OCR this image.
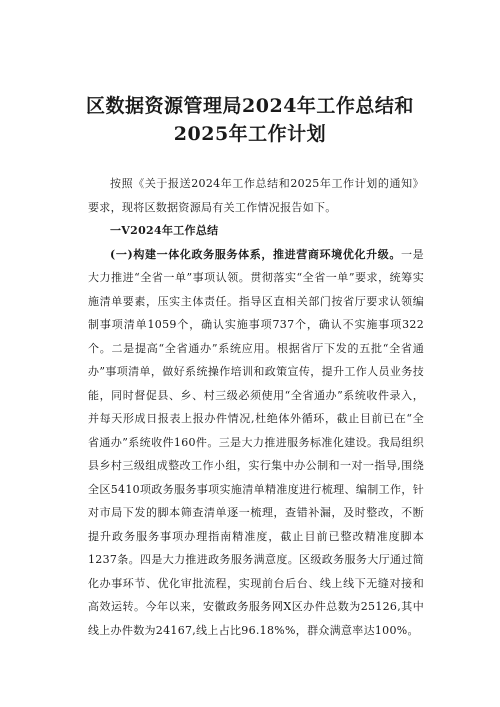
区数据资源管理局2024年工作总结和2025年工作计划

按照《关于报送2024年工作总结和2025年工作计划的通知》要求，现将区数据资源局有关工作情况报告如下。

一V2024年工作总结

(一)构建一体化政务服务体系，推进营商环境优化升级。一是大力推进“全省一单”事项认领。贯彻落实“全省一单”要求，统筹实施清单要素，压实主体责任。指导区直相关部门按省厅要求认领编制事项清单1059个，确认实施事项737个，确认不实施事项322个。二是提高“全省通办”系统应用。根据省厅下发的五批“全省通办”事项清单，做好系统操作培训和政策宣传，提升工作人员业务技能，同时督促县、乡、村三级必须使用“全省通办”系统收件录入，并每天形成日报表上报办件情况,杜绝体外循环，截止目前已在“全省通办”系统收件160件。三是大力推进服务标准化建设。我局组织县乡村三级组成整改工作小组，实行集中办公制和一对一指导,围绕全区5410项政务服务事项实施清单精准度进行梳理、编制工作，针对市局下发的脚本筛查清单逐一梳理，查错补漏，及时整改，不断提升政务服务事项办理指南精准度，截止目前已整改精准度脚本1237条。四是大力推进政务服务满意度。区级政务服务大厅通过简化办事环节、优化审批流程，实现前台后台、线上线下无缝对接和高效运转。今年以来，安徽政务服务网X区办件总数为25126,其中线上办件数为24167,线上占比96.18%%，群众满意率达100%。
